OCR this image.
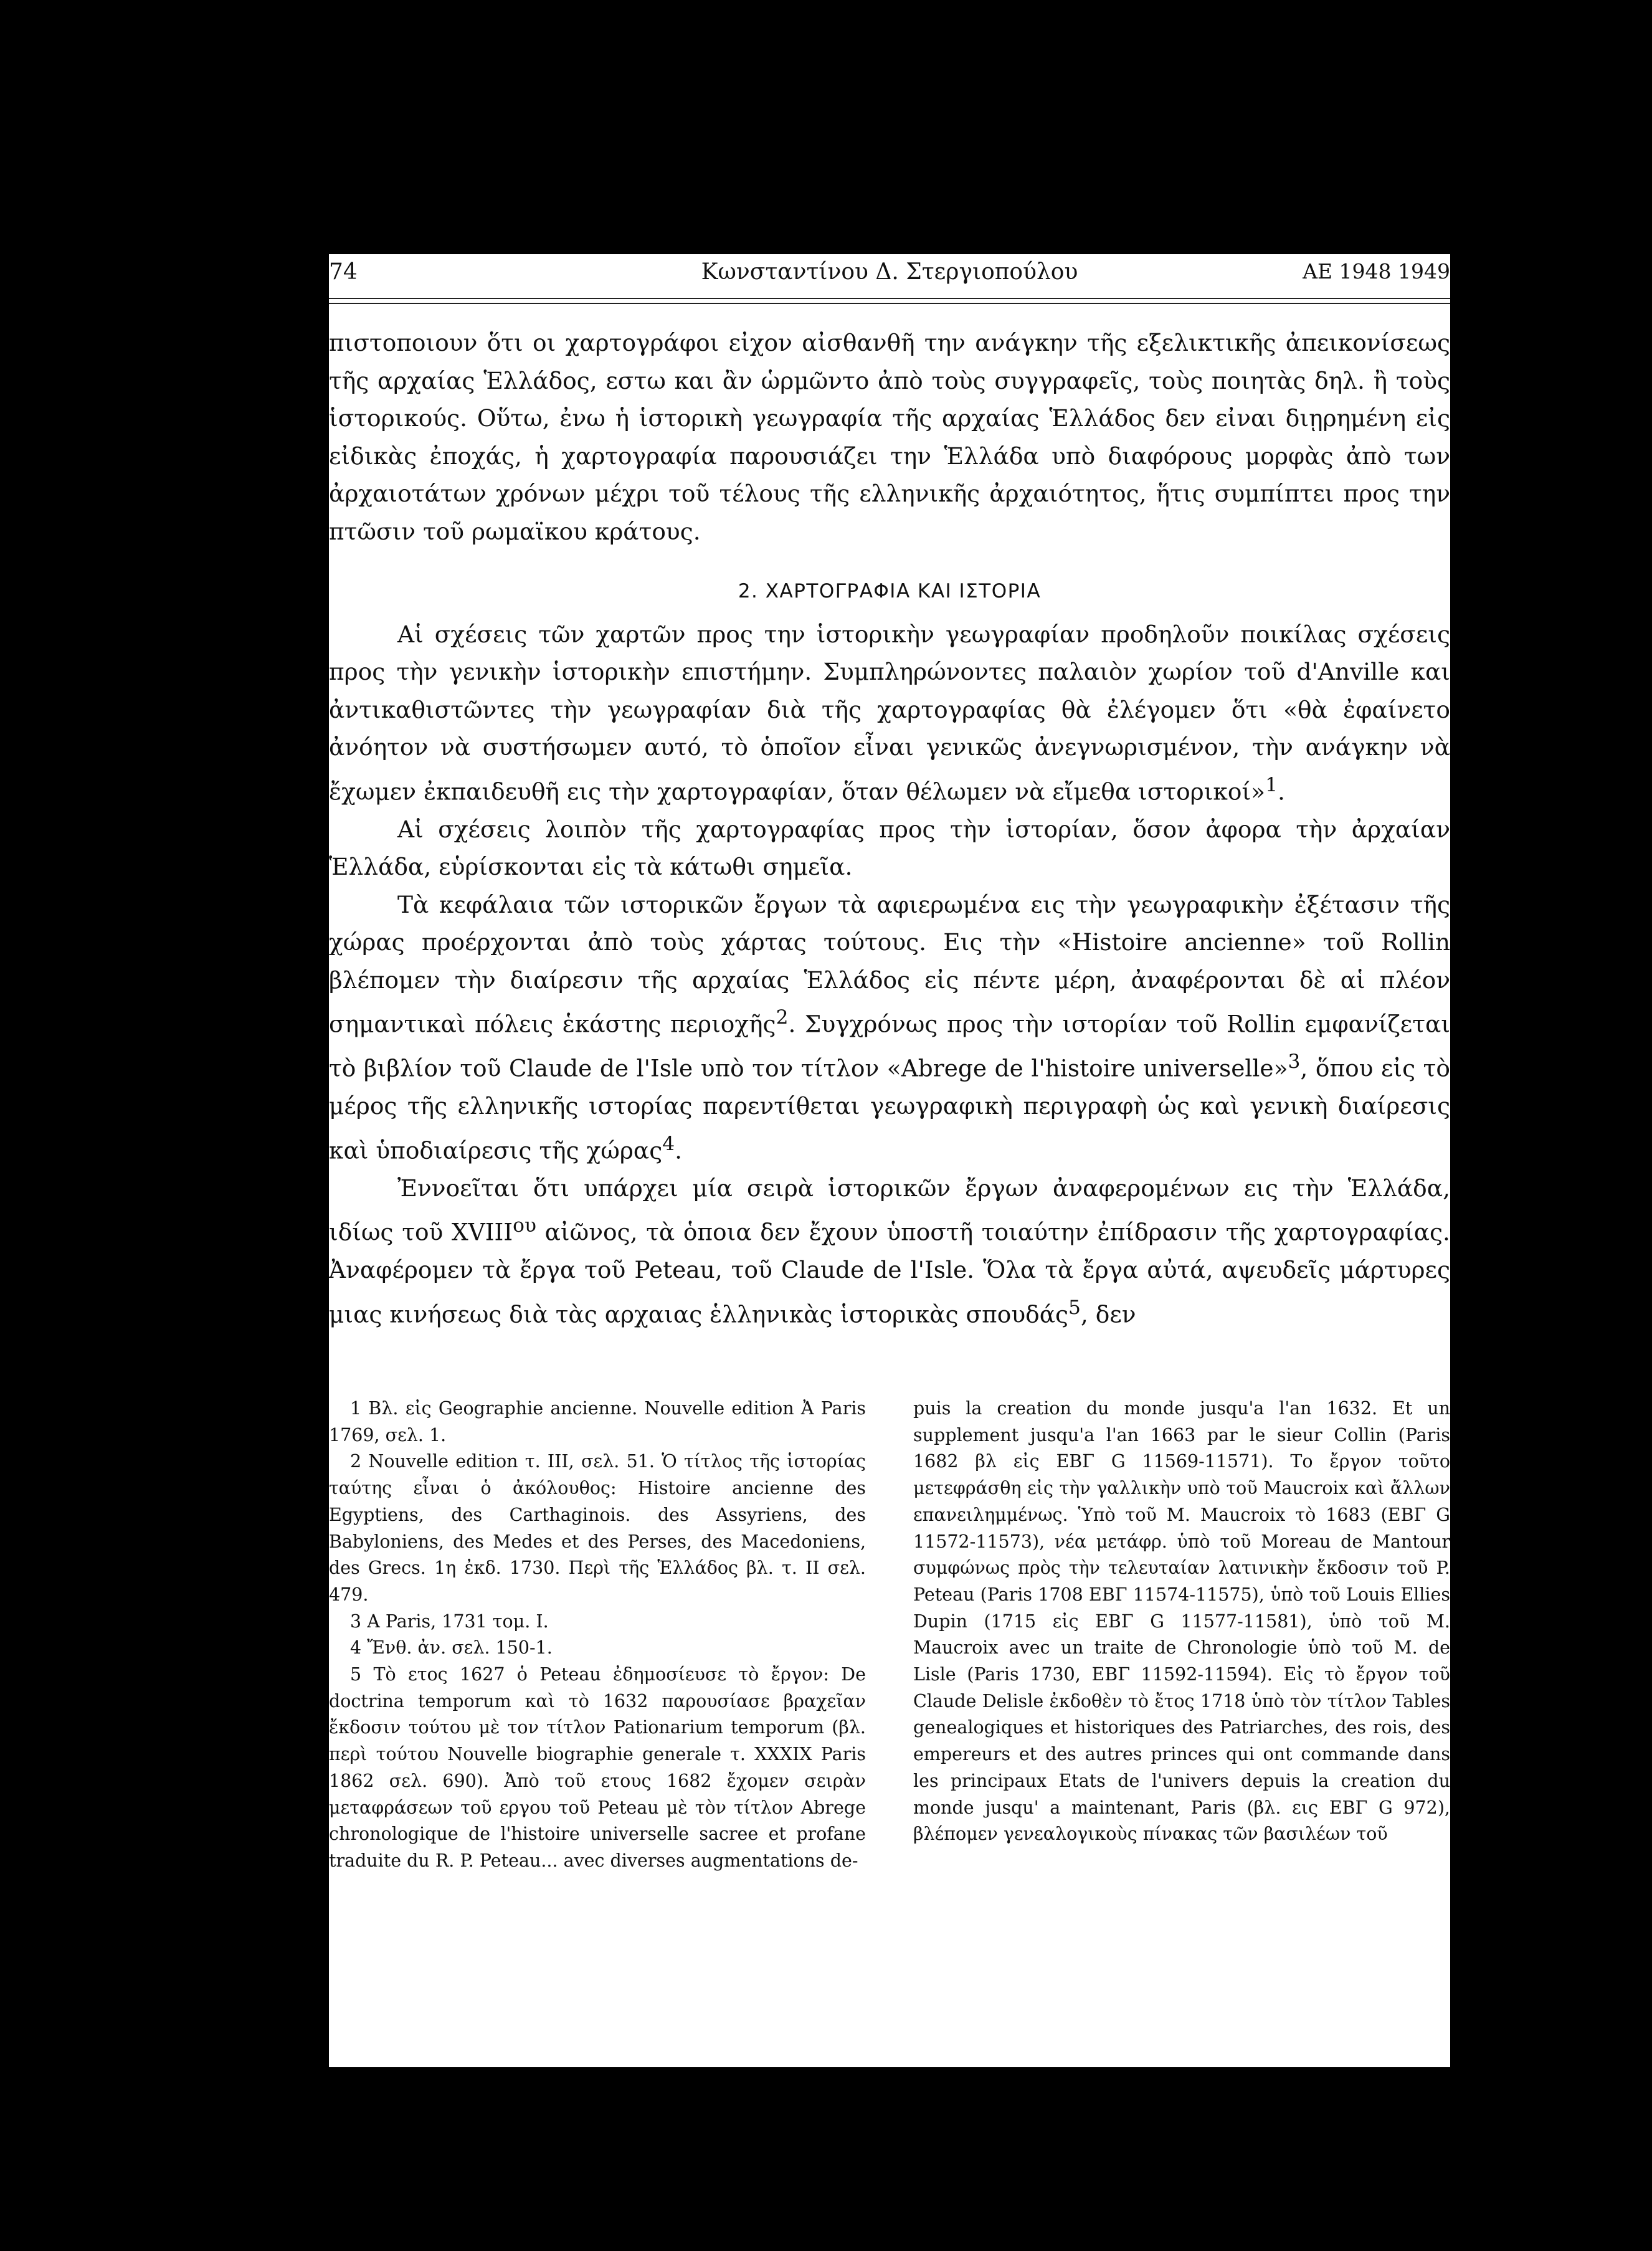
74	Κωνσταντίνου Δ. Στεργιοπούλου	ΑΕ 1948 1949

πιστοποιουν ὅτι οι χαρτογράφοι εἰχον αἰσθανθῆ την ανάγκην τῆς εξελικτικῆς ἀπεικονίσεως τῆς αρχαίας Ἑλλάδος, εστω και ἂν ὡρμῶντο ἀπὸ τοὺς συγγραφεῖς, τοὺς ποιητὰς δηλ. ἢ τοὺς ἱστορικούς. Οὕτω, ἐνω ἡ ἱστορικὴ γεωγραφία τῆς αρχαίας Ἑλλάδος δεν εἰναι διῃρημένη εἰς εἰδικὰς ἐποχάς, ἡ χαρτογραφία παρουσιάζει την Ἑλλάδα υπὸ διαφόρους μορφὰς ἀπὸ των ἀρχαιοτάτων χρόνων μέχρι τοῦ τέλους τῆς ελληνικῆς ἀρχαιότητος, ἥτις συμπίπτει προς την πτῶσιν τοῦ ρωμαϊκου κράτους.

2. ΧΑΡΤΟΓΡΑΦΙΑ ΚΑΙ ΙΣΤΟΡΙΑ

Αἱ σχέσεις τῶν χαρτῶν προς την ἱστορικὴν γεωγραφίαν προδηλοῦν ποικίλας σχέσεις προς τὴν γενικὴν ἱστορικὴν επιστήμην. Συμπληρώνοντες παλαιὸν χωρίον τοῦ d'Anville και ἀντικαθιστῶντες τὴν γεωγραφίαν διὰ τῆς χαρτογραφίας θὰ ἐλέγομεν ὅτι «θὰ ἐφαίνετο ἀνόητον νὰ συστήσωμεν αυτό, τὸ ὁποῖον εἶναι γενικῶς ἀνεγνωρισμένον, τὴν ανάγκην νὰ ἔχωμεν ἐκπαιδευθῆ εις τὴν χαρτογραφίαν, ὅταν θέλωμεν νὰ εἴμεθα ιστορικοί»$^1$.

Αἱ σχέσεις λοιπὸν τῆς χαρτογραφίας προς τὴν ἱστορίαν, ὅσον ἀφορα τὴν ἀρχαίαν Ἑλλάδα, εὑρίσκονται εἰς τὰ κάτωθι σημεῖα.

Τὰ κεφάλαια τῶν ιστορικῶν ἔργων τὰ αφιερωμένα εις τὴν γεωγραφικὴν ἐξέτασιν τῆς χώρας προέρχονται ἀπὸ τοὺς χάρτας τούτους. Εις τὴν «Histoire ancienne» τοῦ Rollin βλέπομεν τὴν διαίρεσιν τῆς αρχαίας Ἑλλάδος εἰς πέντε μέρη, ἀναφέρονται δὲ αἱ πλέον σημαντικαὶ πόλεις ἑκάστης περιοχῆς$^2$. Συγχρόνως προς τὴν ιστορίαν τοῦ Rollin εμφανίζεται τὸ βιβλίον τοῦ Claude de l'Isle υπὸ τον τίτλον «Abrege de l'histoire universelle»$^3$, ὅπου εἰς τὸ μέρος τῆς ελληνικῆς ιστορίας παρεντίθεται γεωγραφικὴ περιγραφὴ ὡς καὶ γενικὴ διαίρεσις καὶ ὑποδιαίρεσις τῆς χώρας$^4$.

Ἐννοεῖται ὅτι υπάρχει μία σειρὰ ἱστορικῶν ἔργων ἀναφερομένων εις τὴν Ἑλλάδα, ιδίως τοῦ $XVIII^{o\upsilon}$ αἰῶνος, τὰ ὁποια δεν ἔχουν ὑποστῆ τοιαύτην ἐπίδρασιν τῆς χαρτογραφίας. Ἀναφέρομεν τὰ ἔργα τοῦ Peteau, τοῦ Claude de l'Isle. Ὅλα τὰ ἔργα αὐτά, αψευδεῖς μάρτυρες μιας κινήσεως διὰ τὰς αρχαιας ἑλληνικὰς ἱστορικὰς σπουδάς$^5$, δεν

1 Βλ. εἰς Geographie ancienne. Nouvelle edition Ἀ Paris 1769, σελ. 1.

2 Nouvelle edition τ. III, σελ. 51. Ὁ τίτλος τῆς ἱστορίας ταύτης εἶναι ὁ ἀκόλουθος: Histoire ancienne des Egyptiens, des Carthaginois. des Assyriens, des Babyloniens, des Medes et des Perses, des Macedoniens, des Grecs. 1η ἐκδ. 1730. Περὶ τῆς Ἑλλάδος βλ. τ. II σελ. 479.

3 A Paris, 1731 τομ. I.

4 Ἔνθ. ἀν. σελ. 150-1.

5 Τὸ ετος 1627 ὁ Peteau ἐδημοσίευσε τὸ ἔργον: De doctrina temporum καὶ τὸ 1632 παρουσίασε βραχεῖαν ἔκδοσιν τούτου μὲ τον τίτλον Pationarium temporum (βλ. περὶ τούτου Nouvelle biographie generale τ. XXXIX Paris 1862 σελ. 690). Ἀπὸ τοῦ ετους 1682 ἔχομεν σειρὰν μεταφράσεων τοῦ εργου τοῦ Peteau μὲ τὸν τίτλον Abrege chronologique de l'histoire universelle sacree et profane traduite du R. P. Peteau... avec diverses augmentations de-

puis la creation du monde jusqu'a l'an 1632. Et un supplement jusqu'a l'an 1663 par le sieur Collin (Paris 1682 βλ εἰς ΕΒΓ G 11569-11571). Το ἔργον τοῦτο μετεφράσθη εἰς τὴν γαλλικὴν υπὸ τοῦ Maucroix καὶ ἄλλων επανειλημμένως. Ὑπὸ τοῦ Μ. Maucroix τὸ 1683 (ΕΒΓ G 11572-11573), νέα μετάφρ. ὑπὸ τοῦ Moreau de Mantour συμφώνως πρὸς τὴν τελευταίαν λατινικὴν ἔκδοσιν τοῦ P. Peteau (Paris 1708 ΕΒΓ 11574-11575), ὑπὸ τοῦ Louis Ellies Dupin (1715 εἰς ΕΒΓ G 11577-11581), ὑπὸ τοῦ Μ. Maucroix avec un traite de Chronologie ὑπὸ τοῦ M. de Lisle (Paris 1730, ΕΒΓ 11592-11594). Εἰς τὸ ἔργον τοῦ Claude Delisle ἐκδοθὲν τὸ ἔτος 1718 ὑπὸ τὸν τίτλον Tables genealogiques et historiques des Patriarches, des rois, des empereurs et des autres princes qui ont commande dans les principaux Etats de l'univers depuis la creation du monde jusqu' a maintenant, Paris (βλ. εις ΕΒΓ G 972), βλέπομεν γενεαλογικοὺς πίνακας τῶν βασιλέων τοῦ
